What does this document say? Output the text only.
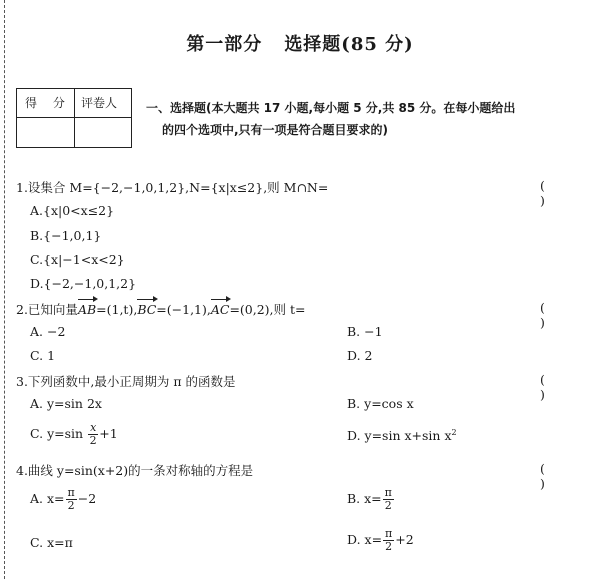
第一部分 选择题(85 分)
得 分 评卷人 一、选择题(本大题共 17 小题,每小题 5 分,共 85 分。在每小题给出
的四个选项中,只有一项是符合题目要求的)
1.设集合 M={−2,−1,0,1,2},N={x|x≤2},则 M∩N=	( )
A.{x|0<x≤2}
B.{−1,0,1}
C.{x|−1<x<2}
D.{−2,−1,0,1,2}
2.已知向量AB=(1,t),BC=(−1,1),AC=(0,2),则 t=	( )
A. −2	B. −1
C. 1	D. 2
3.下列函数中,最小正周期为 π 的函数是	( )
A. y=sin 2x	B. y=cos x
C. $y=\sin \frac{x}{2} +1$	D. y=sin x+sin $x^2$
4.曲线 y=sin(x+2)的一条对称轴的方程是	( )
A. $x= \frac{\pi}{2} -2$	B. $x= \frac{\pi}{2}$
C. x=π	D. $x= \frac{\pi}{2} +2$
